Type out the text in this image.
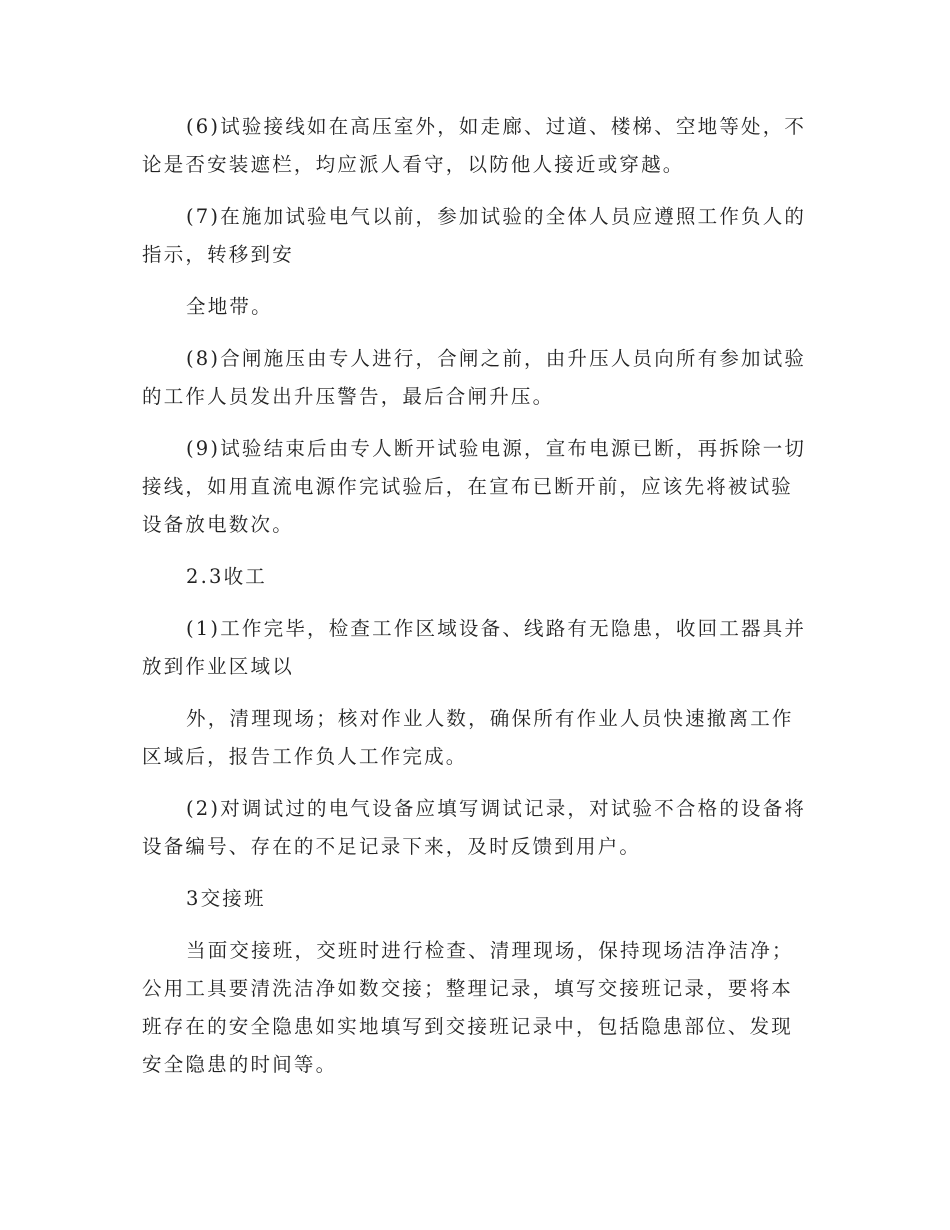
(6)试验接线如在高压室外，如走廊、过道、楼梯、空地等处，不
论是否安装遮栏，均应派人看守，以防他人接近或穿越。
(7)在施加试验电气以前，参加试验的全体人员应遵照工作负人的
指示，转移到安
全地带。
(8)合闸施压由专人进行，合闸之前，由升压人员向所有参加试验
的工作人员发出升压警告，最后合闸升压。
(9)试验结束后由专人断开试验电源，宣布电源已断，再拆除一切
接线，如用直流电源作完试验后，在宣布已断开前，应该先将被试验
设备放电数次。
2.3收工
(1)工作完毕，检查工作区域设备、线路有无隐患，收回工器具并
放到作业区域以
外，清理现场；核对作业人数，确保所有作业人员快速撤离工作
区域后，报告工作负人工作完成。
(2)对调试过的电气设备应填写调试记录，对试验不合格的设备将
设备编号、存在的不足记录下来，及时反馈到用户。
3交接班
当面交接班，交班时进行检查、清理现场，保持现场洁净洁净；
公用工具要清洗洁净如数交接；整理记录，填写交接班记录，要将本
班存在的安全隐患如实地填写到交接班记录中，包括隐患部位、发现
安全隐患的时间等。
